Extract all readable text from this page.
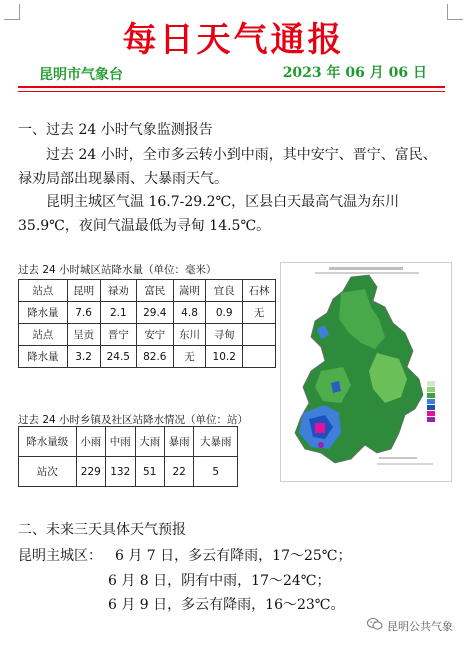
每日天气通报
昆明市气象台	2023 年 06 月 06 日
一、过去 24 小时气象监测报告
过去 24 小时，全市多云转小到中雨，其中安宁、晋宁、富民、禄劝局部出现暴雨、大暴雨天气。
昆明主城区气温 16.7-29.2℃，区县白天最高气温为东川 35.9℃，夜间气温最低为寻甸 14.5℃。
过去 24 小时城区站降水量（单位：毫米）
站点	昆明	禄劝	富民	嵩明	宜良	石林
降水量	7.6	2.1	29.4	4.8	0.9	无
站点	呈贡	晋宁	安宁	东川	寻甸	
降水量	3.2	24.5	82.6	无	10.2	
过去 24 小时乡镇及社区站降水情况（单位：站）
降水量级	小雨	中雨	大雨	暴雨	大暴雨
站次	229	132	51	22	5
二、未来三天具体天气预报
昆明主城区： 6 月 7 日，多云有降雨，17～25℃；
6 月 8 日，阴有中雨，17～24℃；
6 月 9 日，多云有降雨，16～23℃。
昆明公共气象
